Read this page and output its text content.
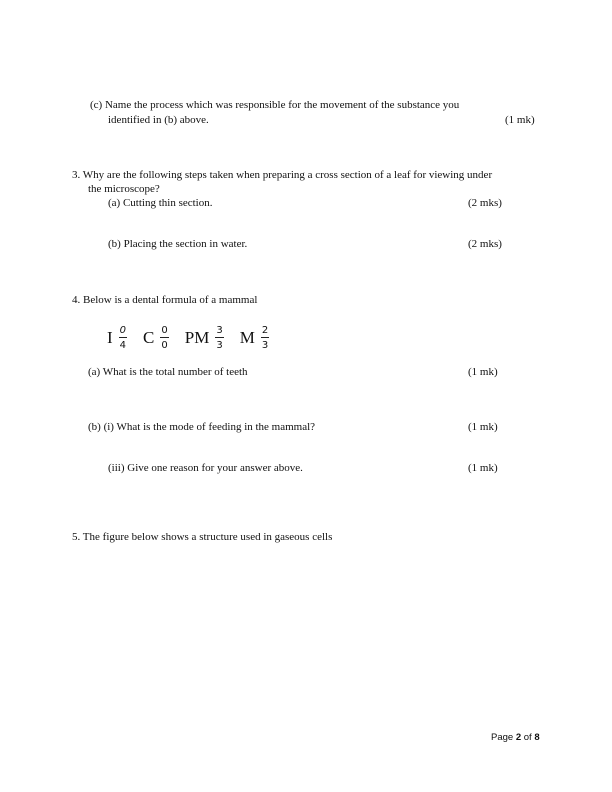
(c) Name the process which was responsible for the movement of the substance you
identified in (b) above.	(1 mk)
3. Why are the following steps taken when preparing a cross section of a leaf for viewing under
the microscope?
(a) Cutting thin section.	(2 mks)
(b) Placing the section in water.	(2 mks)
4. Below is a dental formula of a mammal
I $\frac{0}{4}$ C $\frac{0}{0}$ PM $\frac{3}{3}$ M $\frac{2}{3}$
(a) What is the total number of teeth	(1 mk)
(b) (i) What is the mode of feeding in the mammal?	(1 mk)
(iii) Give one reason for your answer above.	(1 mk)
5. The figure below shows a structure used in gaseous cells
Page 2 of 8
